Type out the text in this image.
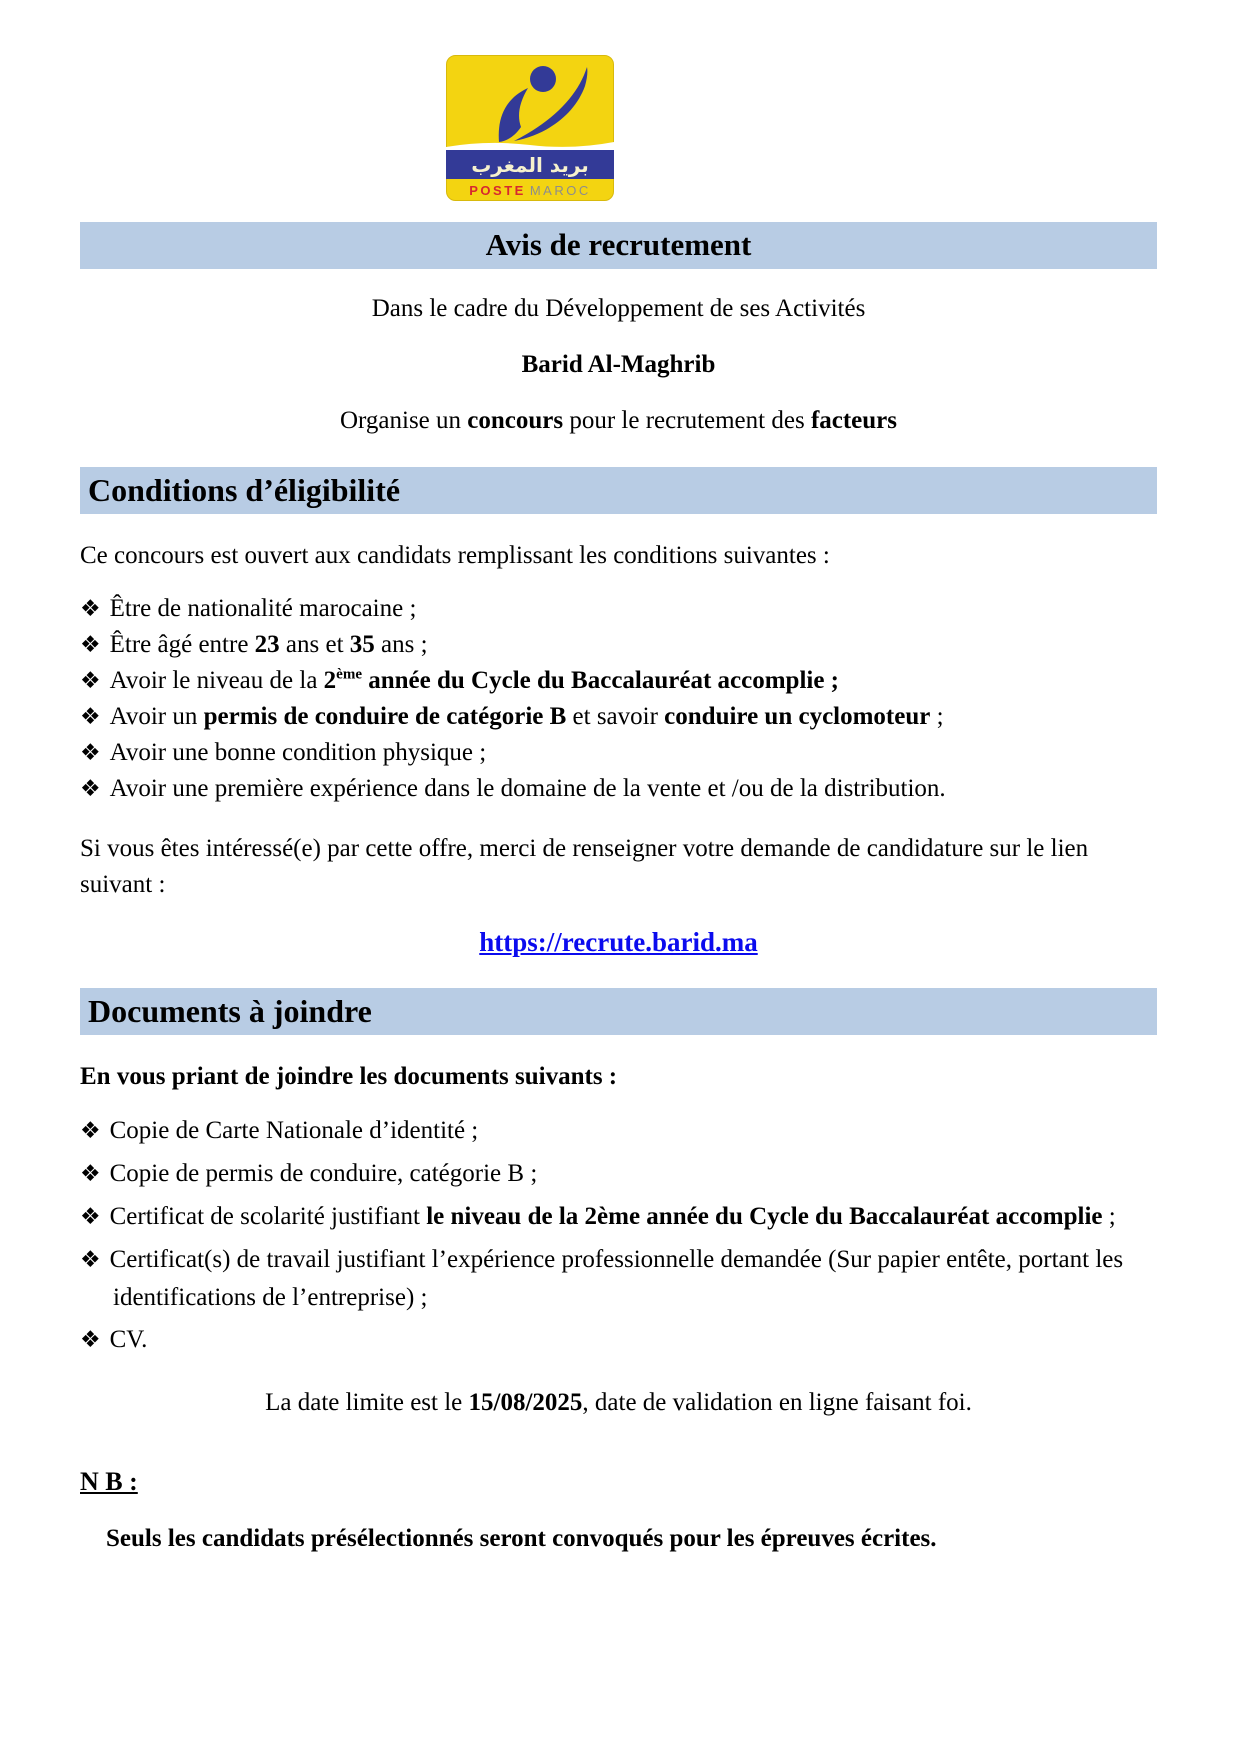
بريد المغرب
POSTE MAROC
Avis de recrutement
Dans le cadre du Développement de ses Activités
Barid Al-Maghrib
Organise un concours pour le recrutement des facteurs
Conditions d’éligibilité
Ce concours est ouvert aux candidats remplissant les conditions suivantes :
❖ Être de nationalité marocaine ;
❖ Être âgé entre 23 ans et 35 ans ;
❖ Avoir le niveau de la 2ème année du Cycle du Baccalauréat accomplie ;
❖ Avoir un permis de conduire de catégorie B et savoir conduire un cyclomoteur ;
❖ Avoir une bonne condition physique ;
❖ Avoir une première expérience dans le domaine de la vente et /ou de la distribution.
Si vous êtes intéressé(e) par cette offre, merci de renseigner votre demande de candidature sur le lien suivant :
https://recrute.barid.ma
Documents à joindre
En vous priant de joindre les documents suivants :
❖ Copie de Carte Nationale d’identité ;
❖ Copie de permis de conduire, catégorie B ;
❖ Certificat de scolarité justifiant le niveau de la 2ème année du Cycle du Baccalauréat accomplie ;
❖ Certificat(s) de travail justifiant l’expérience professionnelle demandée (Sur papier entête, portant les identifications de l’entreprise) ;
❖ CV.
La date limite est le 15/08/2025, date de validation en ligne faisant foi.
N B :
Seuls les candidats présélectionnés seront convoqués pour les épreuves écrites.
